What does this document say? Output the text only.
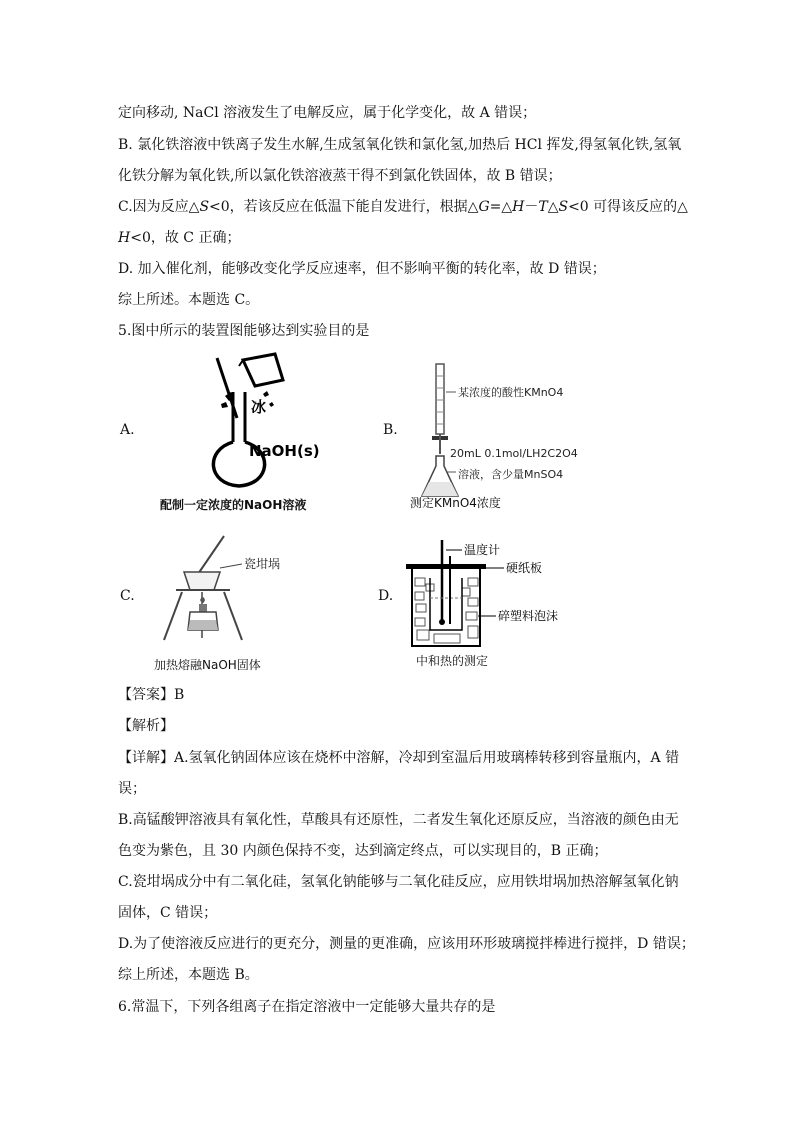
定向移动, NaCl 溶液发生了电解反应，属于化学变化，故 A 错误；
B. 氯化铁溶液中铁离子发生水解,生成氢氧化铁和氯化氢,加热后 HCl 挥发,得氢氧化铁,氢氧
化铁分解为氧化铁,所以氯化铁溶液蒸干得不到氯化铁固体，故 B 错误；
C.因为反应△S<0，若该反应在低温下能自发进行，根据△G=△H－T△S<0 可得该反应的△
H<0，故 C 正确；
D. 加入催化剂，能够改变化学反应速率，但不影响平衡的转化率，故 D 错误；
综上所述。本题选 C。
5.图中所示的装置图能够达到实验目的是
A.	B.
C.	D.
冰
NaOH(s)
配制一定浓度的NaOH溶液
某浓度的酸性KMnO4
20mL 0.1mol/LH2C2O4
溶液，含少量MnSO4
测定KMnO4浓度
瓷坩埚
加热熔融NaOH固体
温度计
硬纸板
碎塑料泡沫
中和热的测定
【答案】B
【解析】
【详解】A.氢氧化钠固体应该在烧杯中溶解，冷却到室温后用玻璃棒转移到容量瓶内，A 错
误；
B.高锰酸钾溶液具有氧化性，草酸具有还原性，二者发生氧化还原反应，当溶液的颜色由无
色变为紫色，且 30 内颜色保持不变，达到滴定终点，可以实现目的，B 正确；
C.瓷坩埚成分中有二氧化硅，氢氧化钠能够与二氧化硅反应，应用铁坩埚加热溶解氢氧化钠
固体，C 错误；
D.为了使溶液反应进行的更充分，测量的更准确，应该用环形玻璃搅拌棒进行搅拌，D 错误；
综上所述，本题选 B。
6.常温下，下列各组离子在指定溶液中一定能够大量共存的是
